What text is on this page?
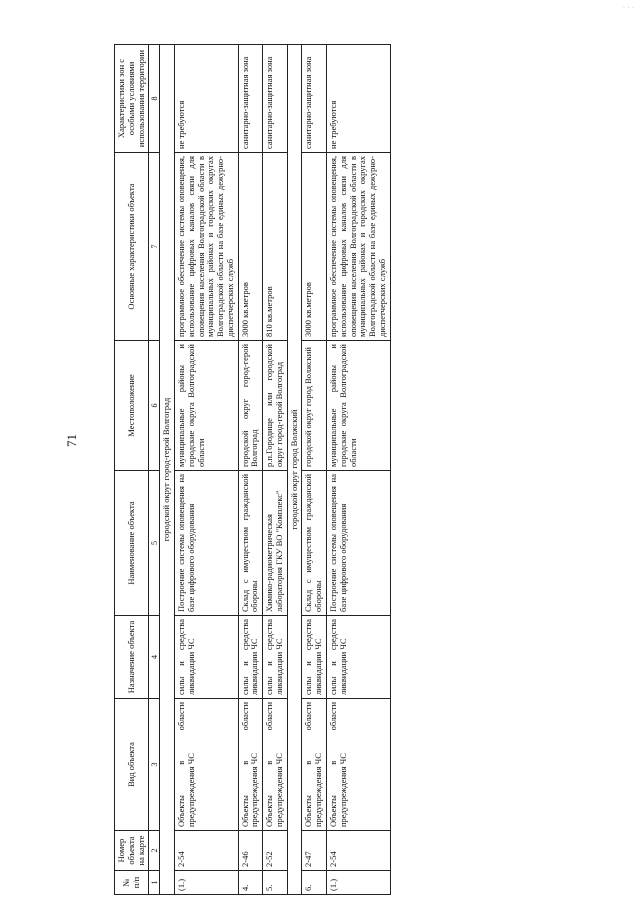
· · ·
71
№ п/п	Номер объекта на карте	Вид объекта	Назначение объекта	Наименование объекта	Местоположение	Основные характеристики объекта	Характеристики зон с особыми условиями использования территории
1	2	3	4	5	6	7	8
городской округ город-герой Волгоград							
(1.)	2-54	Объекты в области предупреждения ЧС	силы и средства ликвидации ЧС	Построение системы оповещения на базе цифрового оборудования	муниципальные районы и городские округа Волгоградской области	программное обеспечение системы оповещения, использование цифровых каналов связи для оповещения населения Волгоградской области в муниципальных районах и городских округах Волгоградской области на базе единых дежурно-диспетчерских служб	не требуются
4.	2-46	Объекты в области предупреждения ЧС	силы и средства ликвидации ЧС	Склад с имуществом гражданской обороны	городской округ город-герой Волгоград	3000 кв.метров	санитарно-защитная зона
5.	2-52	Объекты в области предупреждения ЧС	силы и средства ликвидации ЧС	Химико-радиометрическая лаборатория ГКУ ВО "Комплекс"	р.п.Городище или городской округ город-герой Волгоград	810 кв.метров	санитарно-защитная зона
городской округ город Волжский							
6.	2-47	Объекты в области предупреждения ЧС	силы и средства ликвидации ЧС	Склад с имуществом гражданской обороны	городской округ город Волжский	3000 кв.метров	санитарно-защитная зона
(1.)	2-54	Объекты в области предупреждения ЧС	силы и средства ликвидации ЧС	Построение системы оповещения на базе цифрового оборудования	муниципальные районы и городские округа Волгоградской области	программное обеспечение системы оповещения, использование цифровых каналов связи для оповещения населения Волгоградской области в муниципальных районах и городских округах Волгоградской области на базе единых дежурно-диспетчерских служб	не требуются
